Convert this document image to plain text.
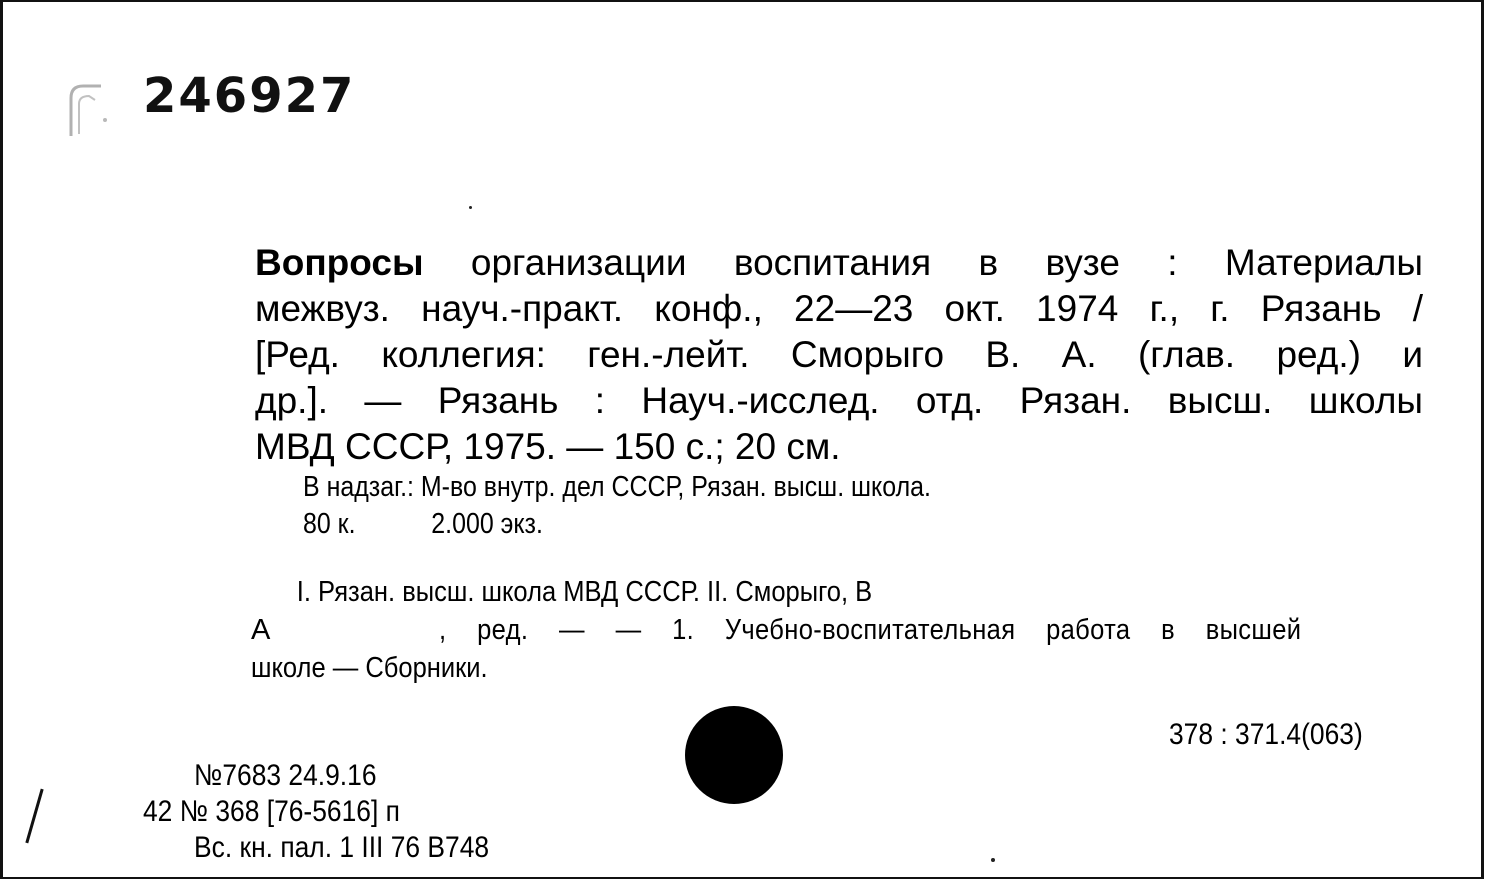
246927
Вопросы организации воспитания в вузе : Материалы
межвуз. науч.-практ. конф., 22—23 окт. 1974 г., г. Рязань /
[Ред. коллегия: ген.-лейт. Сморыго В. А. (глав. ред.) и
др.]. — Рязань : Науч.-исслед. отд. Рязан. высш. школы
МВД СССР, 1975. — 150 с.; 20 см.
В надзаг.: М-во внутр. дел СССР, Рязан. высш. школа.
80 к.	2.000 экз.
I. Рязан. высш. школа МВД СССР. II. Сморыго, В
А	, ред. — — 1. Учебно-воспитательная работа в высшей
школе — Сборники.
378 : 371.4(063)
№7683 24.9.16
42 № 368 [76-5616] п
Вс. кн. пал. 1 III 76 В748
